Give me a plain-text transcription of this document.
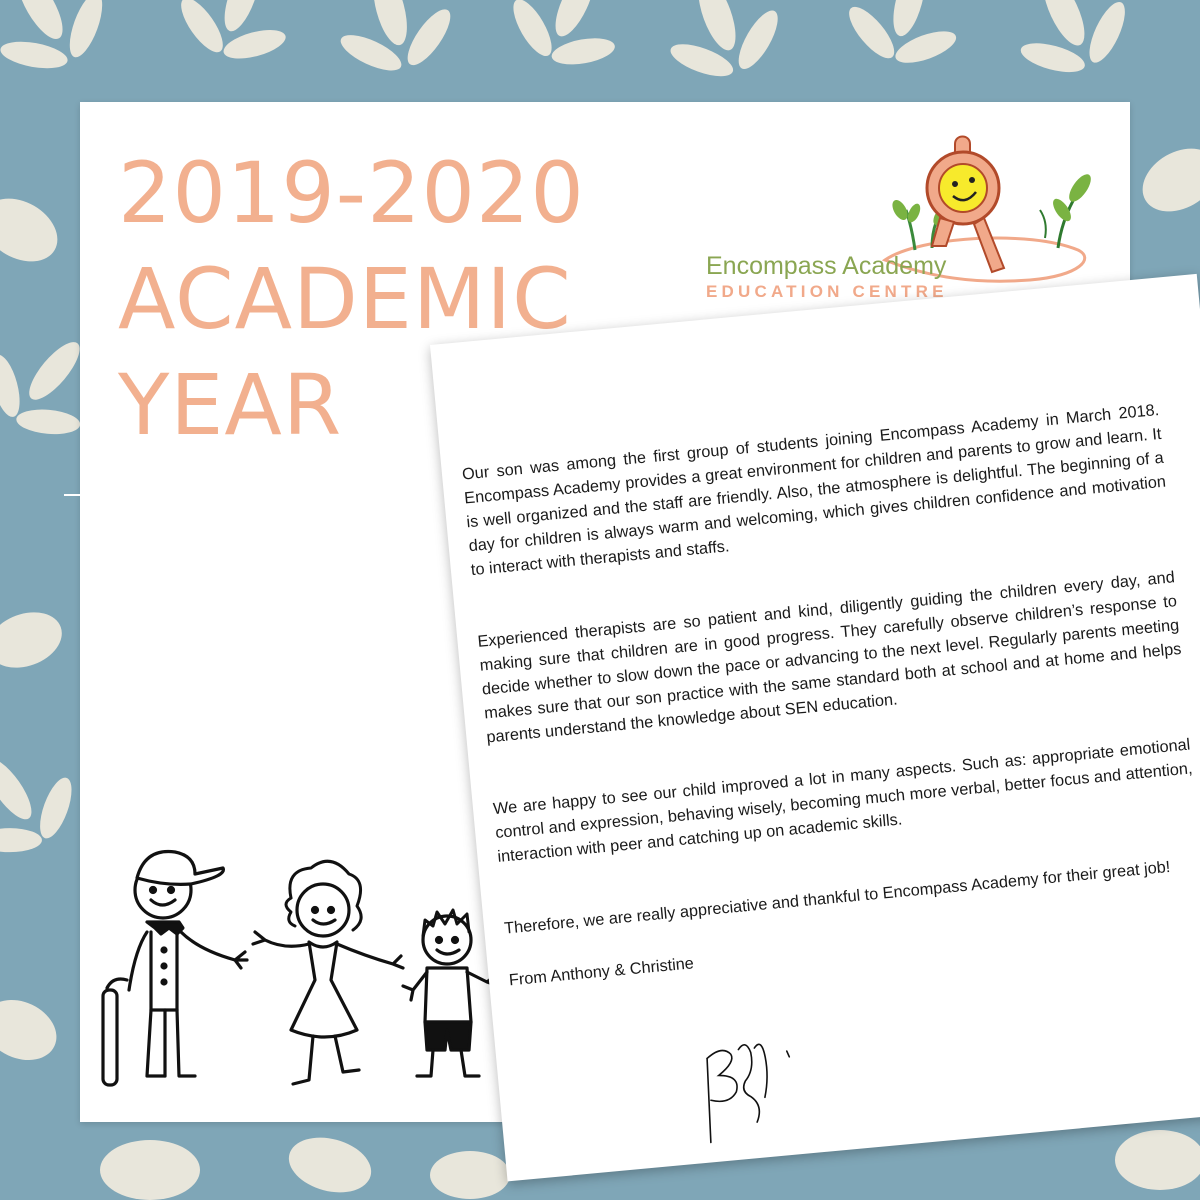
2019-2020
ACADEMIC
YEAR
Encompass Academy
EDUCATION CENTRE

Our son was among the first group of students joining Encompass Academy in March 2018. Encompass Academy provides a great environment for children and parents to grow and learn. It is well organized and the staff are friendly. Also, the atmosphere is delightful. The beginning of a day for children is always warm and welcoming, which gives children confidence and motivation to interact with therapists and staffs.

Experienced therapists are so patient and kind, diligently guiding the children every day, and making sure that children are in good progress. They carefully observe children’s response to decide whether to slow down the pace or advancing to the next level. Regularly parents meeting makes sure that our son practice with the same standard both at school and at home and helps parents understand the knowledge about SEN education.

We are happy to see our child improved a lot in many aspects. Such as: appropriate emotional control and expression, behaving wisely, becoming much more verbal, better focus and attention, interaction with peer and catching up on academic skills.

Therefore, we are really appreciative and thankful to Encompass Academy for their great job!

From Anthony & Christine
